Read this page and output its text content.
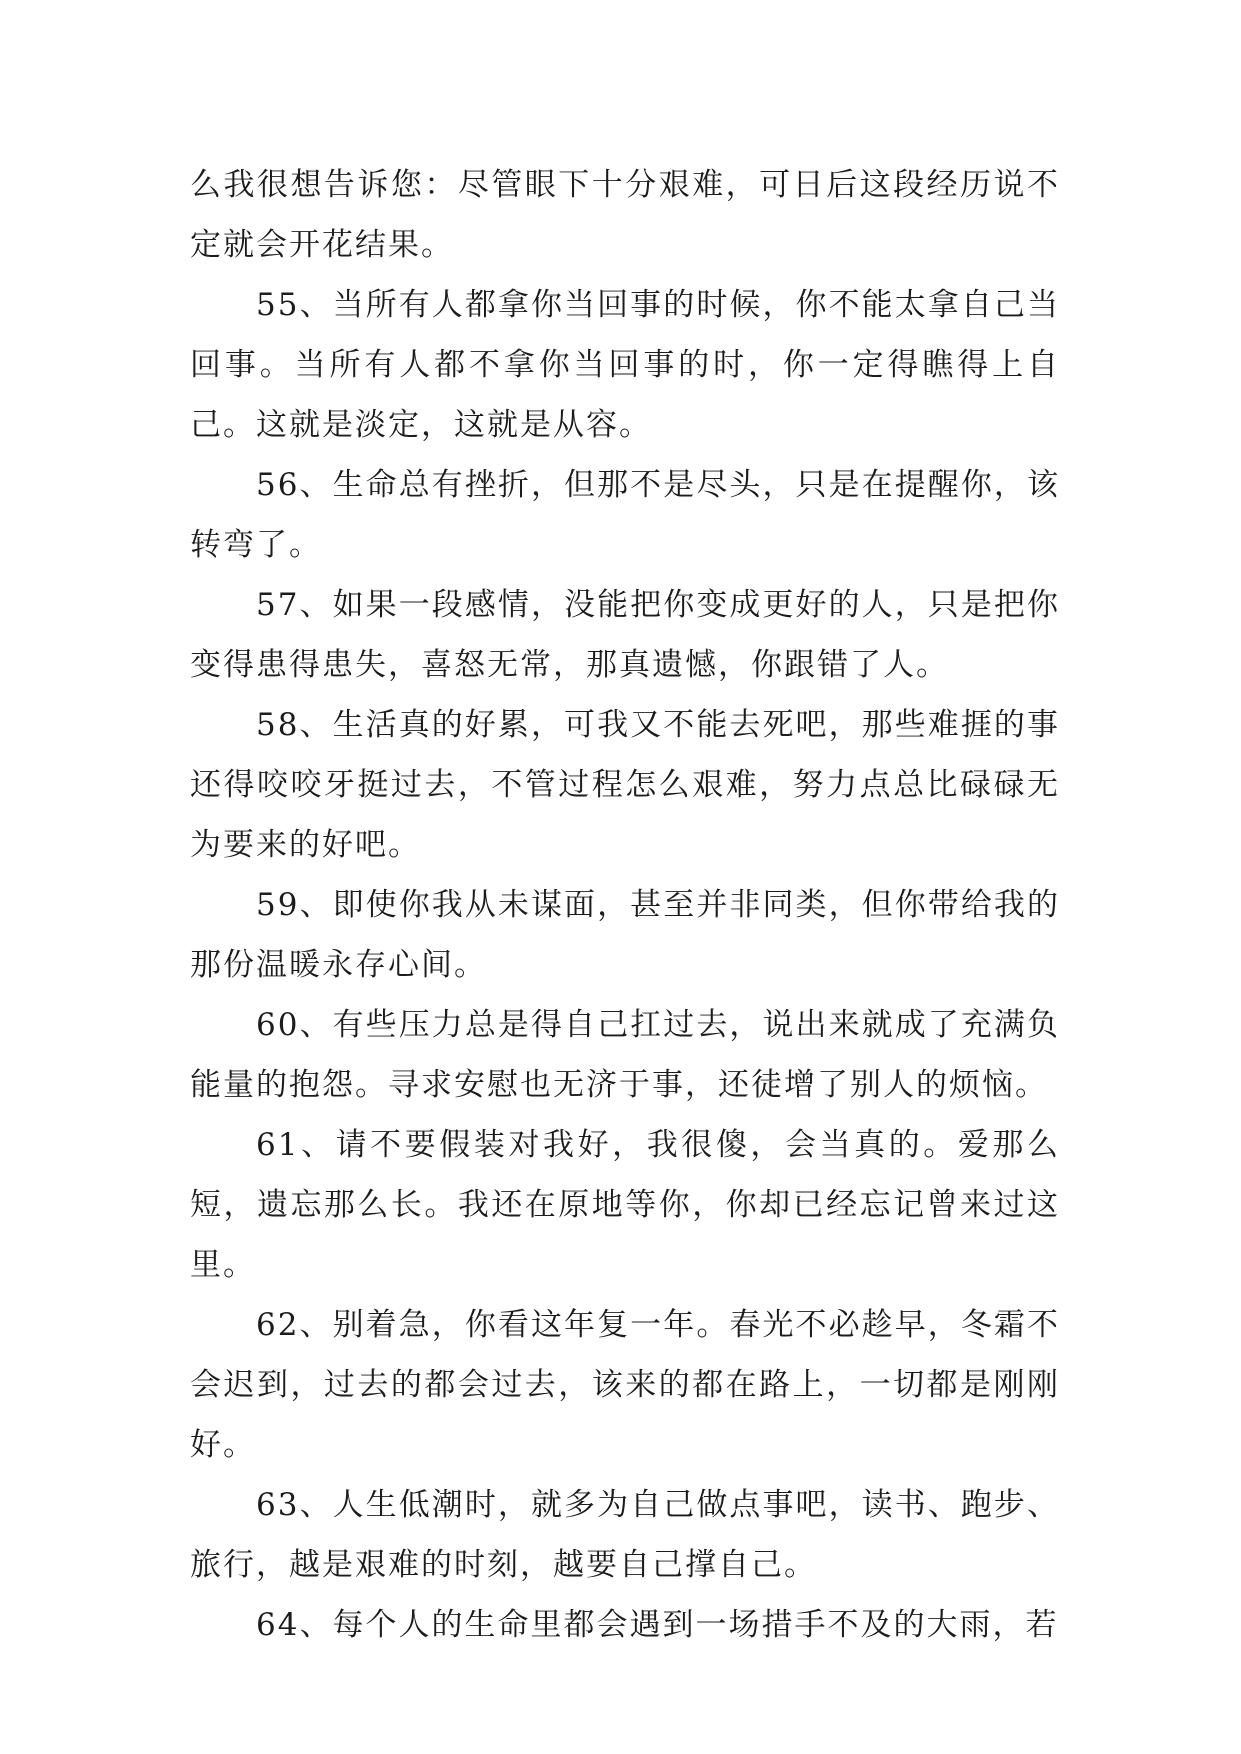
么我很想告诉您：尽管眼下十分艰难，可日后这段经历说不定就会开花结果。

55、当所有人都拿你当回事的时候，你不能太拿自己当回事。当所有人都不拿你当回事的时，你一定得瞧得上自己。这就是淡定，这就是从容。

56、生命总有挫折，但那不是尽头，只是在提醒你，该转弯了。

57、如果一段感情，没能把你变成更好的人，只是把你变得患得患失，喜怒无常，那真遗憾，你跟错了人。

58、生活真的好累，可我又不能去死吧，那些难捱的事还得咬咬牙挺过去，不管过程怎么艰难，努力点总比碌碌无为要来的好吧。

59、即使你我从未谋面，甚至并非同类，但你带给我的那份温暖永存心间。

60、有些压力总是得自己扛过去，说出来就成了充满负能量的抱怨。寻求安慰也无济于事，还徒增了别人的烦恼。

61、请不要假装对我好，我很傻，会当真的。爱那么短，遗忘那么长。我还在原地等你，你却已经忘记曾来过这里。

62、别着急，你看这年复一年。春光不必趁早，冬霜不会迟到，过去的都会过去，该来的都在路上，一切都是刚刚好。

63、人生低潮时，就多为自己做点事吧，读书、跑步、旅行，越是艰难的时刻，越要自己撑自己。

64、每个人的生命里都会遇到一场措手不及的大雨，若
